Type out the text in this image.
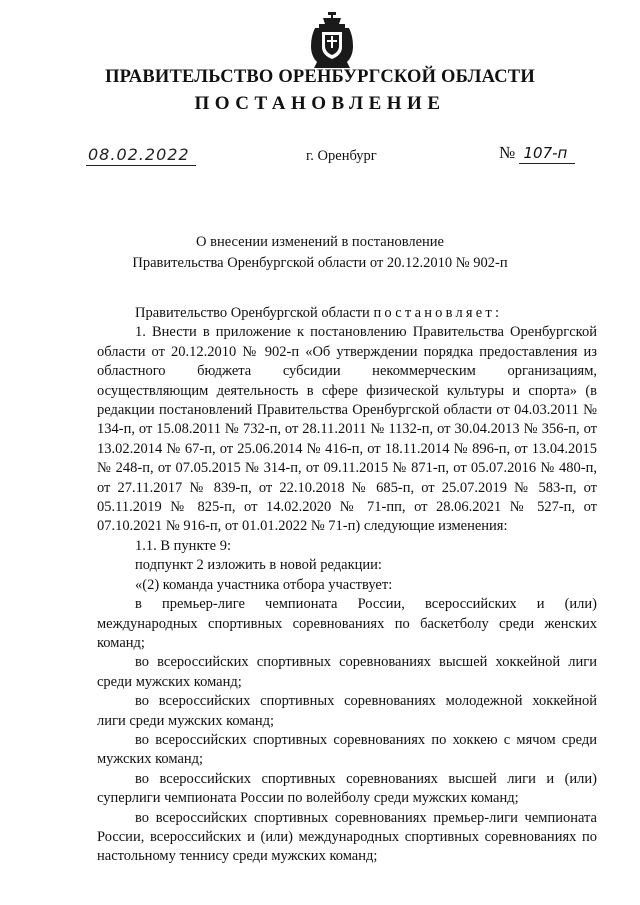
ПРАВИТЕЛЬСТВО ОРЕНБУРГСКОЙ ОБЛАСТИ
ПОСТАНОВЛЕНИЕ
08.02.2022	г. Оренбург	№ 107-п
О внесении изменений в постановление
Правительства Оренбургской области от 20.12.2010 № 902-п

Правительство Оренбургской области постановляет:

1. Внести в приложение к постановлению Правительства Оренбургской области от 20.12.2010 № 902-п «Об утверждении порядка предоставления из областного бюджета субсидии некоммерческим организациям, осуществляющим деятельность в сфере физической культуры и спорта» (в редакции постановлений Правительства Оренбургской области от 04.03.2011 № 134-п, от 15.08.2011 № 732-п, от 28.11.2011 № 1132-п, от 30.04.2013 № 356-п, от 13.02.2014 № 67-п, от 25.06.2014 № 416-п, от 18.11.2014 № 896-п, от 13.04.2015 № 248-п, от 07.05.2015 № 314-п, от 09.11.2015 № 871-п, от 05.07.2016 № 480-п, от 27.11.2017 № 839-п, от 22.10.2018 № 685-п, от 25.07.2019 № 583-п, от 05.11.2019 № 825-п, от 14.02.2020 № 71-пп, от 28.06.2021 № 527-п, от 07.10.2021 № 916-п, от 01.01.2022 № 71-п) следующие изменения:

1.1. В пункте 9:

подпункт 2 изложить в новой редакции:

«(2) команда участника отбора участвует:

в премьер-лиге чемпионата России, всероссийских и (или) международных спортивных соревнованиях по баскетболу среди женских команд;

во всероссийских спортивных соревнованиях высшей хоккейной лиги среди мужских команд;

во всероссийских спортивных соревнованиях молодежной хоккейной лиги среди мужских команд;

во всероссийских спортивных соревнованиях по хоккею с мячом среди мужских команд;

во всероссийских спортивных соревнованиях высшей лиги и (или) суперлиги чемпионата России по волейболу среди мужских команд;

во всероссийских спортивных соревнованиях премьер-лиги чемпионата России, всероссийских и (или) международных спортивных соревнованиях по настольному теннису среди мужских команд;
